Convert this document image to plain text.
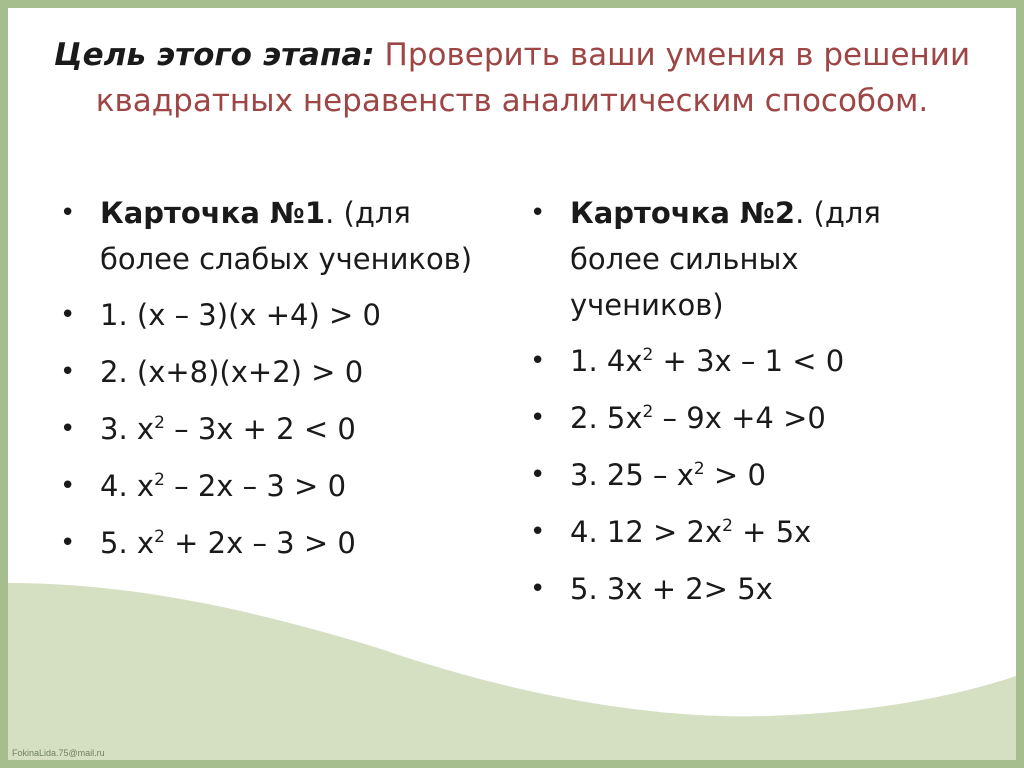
Цель этого этапа: Проверить ваши умения в решении квадратных неравенств аналитическим способом.
• Карточка №1. (для более слабых учеников)
• 1. (x – 3)(x +4) > 0
• 2. (x+8)(x+2) > 0
• 3. $x^2 - 3x + 2 < 0$
• 4. $x^2 - 2x - 3 > 0$
• 5. $x^2 + 2x - 3 > 0$
• Карточка №2. (для более сильных учеников)
• 1. $4x^2 + 3x - 1 < 0$
• 2. $5x^2 - 9x +4 >0$
• 3. $25 - x^2 > 0$
• 4. $12 > 2x^2 + 5x$
• 5. 3x + 2> 5x
FokinaLida.75@mail.ru
